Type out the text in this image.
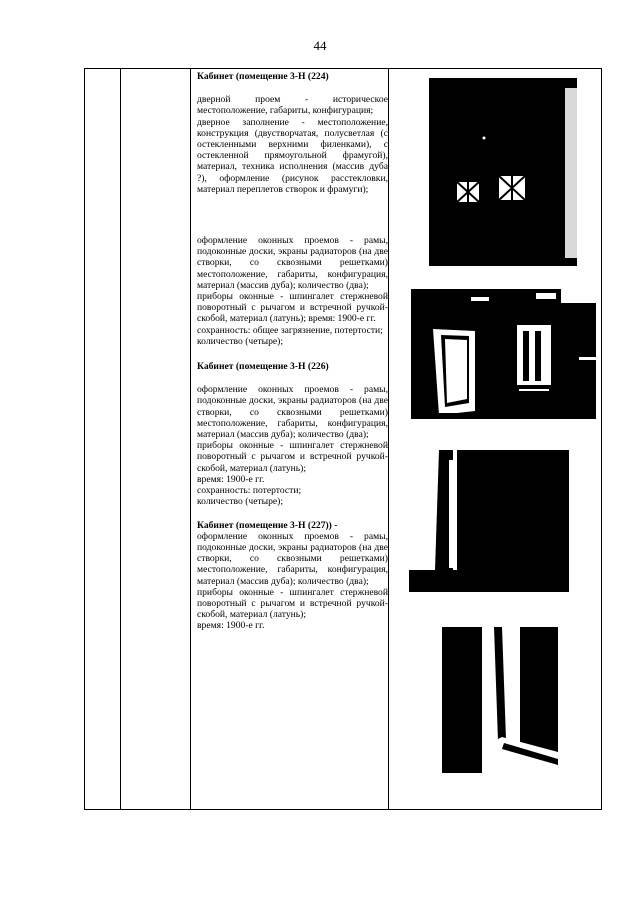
44

Кабинет (помещение 3-Н (224)

дверной проем - историческое местоположение, габариты, конфигурация;

дверное заполнение - местоположение, конструкция (двустворчатая, полусветлая (с остекленными верхними филенками), с остекленной прямоугольной фрамугой), материал, техника исполнения (массив дуба ?), оформление (рисунок расстекловки, материал переплетов створок и фрамуги);

оформление оконных проемов - рамы, подоконные доски, экраны радиаторов (на две створки, со сквозными решетками) местоположение, габариты, конфигурация, материал (массив дуба); количество (два);

приборы оконные - шпингалет стержневой поворотный с рычагом и встречной ручкой-скобой, материал (латунь); время: 1900-е гг.

сохранность: общее загрязнение, потертости;

количество (четыре);

Кабинет (помещение 3-Н (226)

оформление оконных проемов - рамы, подоконные доски, экраны радиаторов (на две створки, со сквозными решетками) местоположение, габариты, конфигурация, материал (массив дуба); количество (два);

приборы оконные - шпингалет стержневой поворотный с рычагом и встречной ручкой-скобой, материал (латунь);

время: 1900-е гг.

сохранность: потертости;

количество (четыре);

Кабинет (помещение 3-Н (227)) -

оформление оконных проемов - рамы, подоконные доски, экраны радиаторов (на две створки, со сквозными решетками) местоположение, габариты, конфигурация, материал (массив дуба); количество (два);

приборы оконные - шпингалет стержневой поворотный с рычагом и встречной ручкой-скобой, материал (латунь);

время: 1900-е гг.
